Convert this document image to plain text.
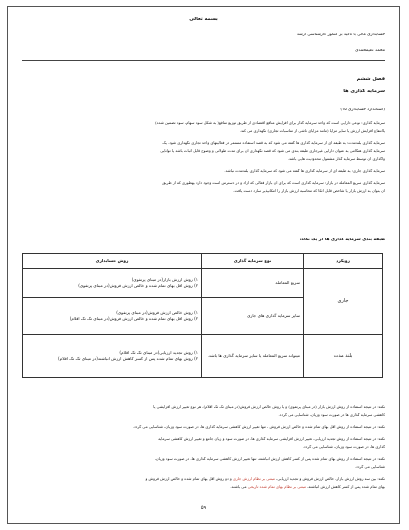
بسمه تعالی
حسابداری مالی با تاکید بر کنکور کارشناسی ارشد
محمد علیمحمدی
فصل ششم
سرمایه گذاری ها
(استاندارد حسابداری ۱۵)
سرمایه گذاری: نوعی دارایی است که واحد سرمایه گذار برای افزایش منافع اقتصادی از طریق توزیع منافع( به شکل سود سهام، سود تضمین شده)
یاانتفاع افزایش ارزش یا سایر مزایا (مانند مزایای ناشی از مناسبات تجاری) نگهداری می کند.
سرمایه گذاری بلندمدت: به طبقه ای از سرمایه گذاری ها گفته می شود که به قصد استفاده مستمر در فعالیتهای واحد تجاری نگهداری شود. یک
سرمایه گذاری هنگامی به عنوان دارایی غیرجاری طبقه بندی می شود که قصد نگهداری آن برای مدت طولانی و وضوح قابل اثبات باشد یا توانایی
واگذاری آن توسط سرمایه گذار مشمول محدودیت هایی باشد.
سرمایه گذاری جاری: به طبقه ای از سرمایه گذاری ها گفته می شود که سرمایه گذاری بلندمدت نباشد.
سرمایه گذاری سریع المعامله در بازار: سرمایه گذاری است که برای آن بازار فعالی که آزاد و در دسترس است وجود دارد بهطوری که از طریق
آن بتوان به ارزش بازار یا شاخص قابل اتکا که محاسبه ارزش بازار را امکانپذیر سازد دست یافت.
طبقه بندی سرمایه گذاری ها در یک نگاه:
رویکرد	نوع سرمایه گذاری	روش حسابداری
جاری	سریع المعامله	۱) روش ارزش بازار(در مبنای پرتفوی)
۲) روش اقل بهای تمام شده و خالص ارزش فروش(در مبنای پرتفوی)

	سایر سرمایه گذاری های جاری	۱) روش خالص ارزش فروش(در مبنای پرتفوی)
۲) روش اقل بهای تمام شده و خالص ارزش فروش(در مبنای تک تک اقلام)

بلند مدت	میتواند سریع المعامله یا سایر سرمایه گذاری ها باشد.	۱) روش تجدید ارزیابی(در مبنای تک تک اقلام)
۲) روش بهای تمام شده پس از کسر کاهش ارزش انباشته(در مبنای تک تک اقلام)
نکته: در نتیجه استفاده از روش ارزش بازار (در مبنای پرتفوی) و یا روش خالص ارزش فروش(در مبنای تک تک اقلام)، هر نوع تغییر ارزش افزایشی یا
کاهشی سرمایه گذاری ها در صورت سود وزیان، شناسایی می گردد.
نکته: در نتیجه استفاده از روش اقل بهای تمام شده و خالص ارزش فروش ، تنها تغییر ارزش کاهشی سرمایه گذاری ها، در صورت سود وزیان، شناسایی می گردد.
نکته: در نتیجه استفاده از روش تجدید ارزیابی، تغییر ارزش افزایشی سرمایه گذاری ها، در صورت سود و زیان جامع و تغییر ارزش کاهشی سرمایه
گذاری ها، در صورت سود وزیان، شناسایی می گردد.
نکته: در نتیجه استفاده از روش بهای تمام شده پس از کسر کاهش ارزش انباشته، تنها تغییر ارزش کاهشی سرمایه گذاری ها، در صورت سود وزیان،
شناسایی می گردد.
نکته: بین سه روش ارزش بازار، خالص ارزش فروش و تجدید ارزیابی، مبتنی بر نظام ارزش جاری و دو روش اقل بهای تمام شده و خالص ارزش فروش و
بهای تمام شده پس از کسر کاهش ارزش انباشته، مبتنی بر نظام بهای تمام شده تاریخی می باشند.
۵۹
